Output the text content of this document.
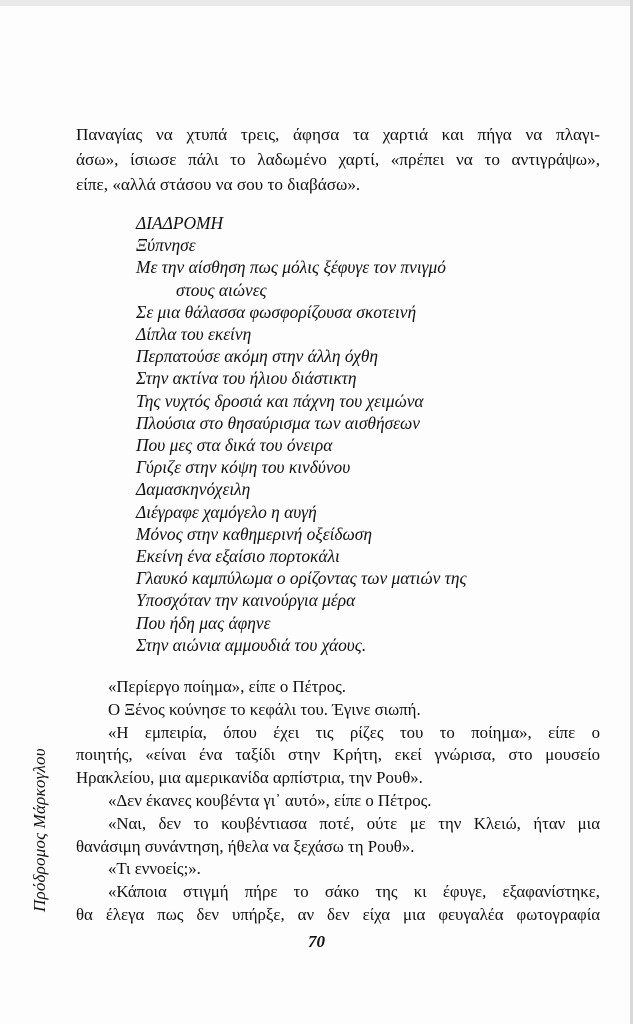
Παναγίας να χτυπά τρεις, άφησα τα χαρτιά και πήγα να πλαγι-
άσω», ίσιωσε πάλι το λαδωμένο χαρτί, «πρέπει να το αντιγράψω»,
είπε, «αλλά στάσου να σου το διαβάσω».

ΔΙΑΔΡΟΜΗ
Ξύπνησε
Με την αίσθηση πως μόλις ξέφυγε τον πνιγμό
στους αιώνες
Σε μια θάλασσα φωσφορίζουσα σκοτεινή
Δίπλα του εκείνη
Περπατούσε ακόμη στην άλλη όχθη
Στην ακτίνα του ήλιου διάστικτη
Της νυχτός δροσιά και πάχνη του χειμώνα
Πλούσια στο θησαύρισμα των αισθήσεων
Που μες στα δικά του όνειρα
Γύριζε στην κόψη του κινδύνου
Δαμασκηνόχειλη
Διέγραφε χαμόγελο η αυγή
Μόνος στην καθημερινή οξείδωση
Εκείνη ένα εξαίσιο πορτοκάλι
Γλαυκό καμπύλωμα ο ορίζοντας των ματιών της
Υποσχόταν την καινούργια μέρα
Που ήδη μας άφηνε
Στην αιώνια αμμουδιά του χάους.

«Περίεργο ποίημα», είπε ο Πέτρος.
Ο Ξένος κούνησε το κεφάλι του. Έγινε σιωπή.
«Η εμπειρία, όπου έχει τις ρίζες του το ποίημα», είπε ο
ποιητής, «είναι ένα ταξίδι στην Κρήτη, εκεί γνώρισα, στο μουσείο
Ηρακλείου, μια αμερικανίδα αρπίστρια, την Ρουθ».
«Δεν έκανες κουβέντα γι᾿ αυτό», είπε ο Πέτρος.
«Ναι, δεν το κουβέντιασα ποτέ, ούτε με την Κλειώ, ήταν μια
θανάσιμη συνάντηση, ήθελα να ξεχάσω τη Ρουθ».
«Τι εννοείς;».
«Κάποια στιγμή πήρε το σάκο της κι έφυγε, εξαφανίστηκε,
θα έλεγα πως δεν υπήρξε, αν δεν είχα μια φευγαλέα φωτογραφία

Πρόδρομος Μάρκογλου
70
